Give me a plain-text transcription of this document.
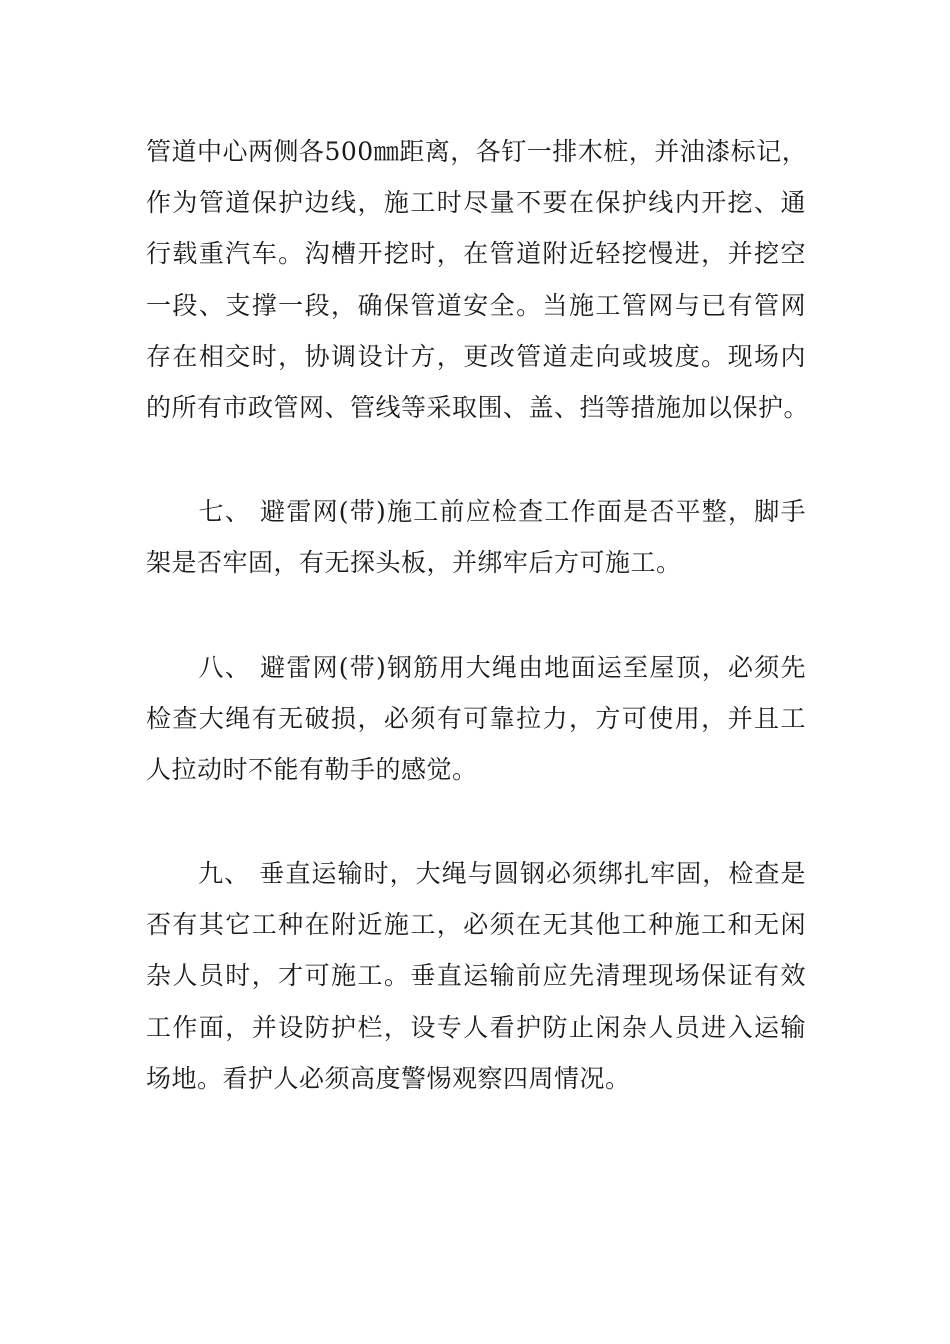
管道中心两侧各500㎜距离，各钉一排木桩，并油漆标记，
作为管道保护边线，施工时尽量不要在保护线内开挖、通
行载重汽车。沟槽开挖时，在管道附近轻挖慢进，并挖空
一段、支撑一段，确保管道安全。当施工管网与已有管网
存在相交时，协调设计方，更改管道走向或坡度。现场内
的所有市政管网、管线等采取围、盖、挡等措施加以保护。
　　七、 避雷网(带)施工前应检查工作面是否平整，脚手
架是否牢固，有无探头板，并绑牢后方可施工。
　　八、 避雷网(带)钢筋用大绳由地面运至屋顶，必须先
检查大绳有无破损，必须有可靠拉力，方可使用，并且工
人拉动时不能有勒手的感觉。
　　九、 垂直运输时，大绳与圆钢必须绑扎牢固，检查是
否有其它工种在附近施工，必须在无其他工种施工和无闲
杂人员时，才可施工。垂直运输前应先清理现场保证有效
工作面，并设防护栏，设专人看护防止闲杂人员进入运输
场地。看护人必须高度警惕观察四周情况。
